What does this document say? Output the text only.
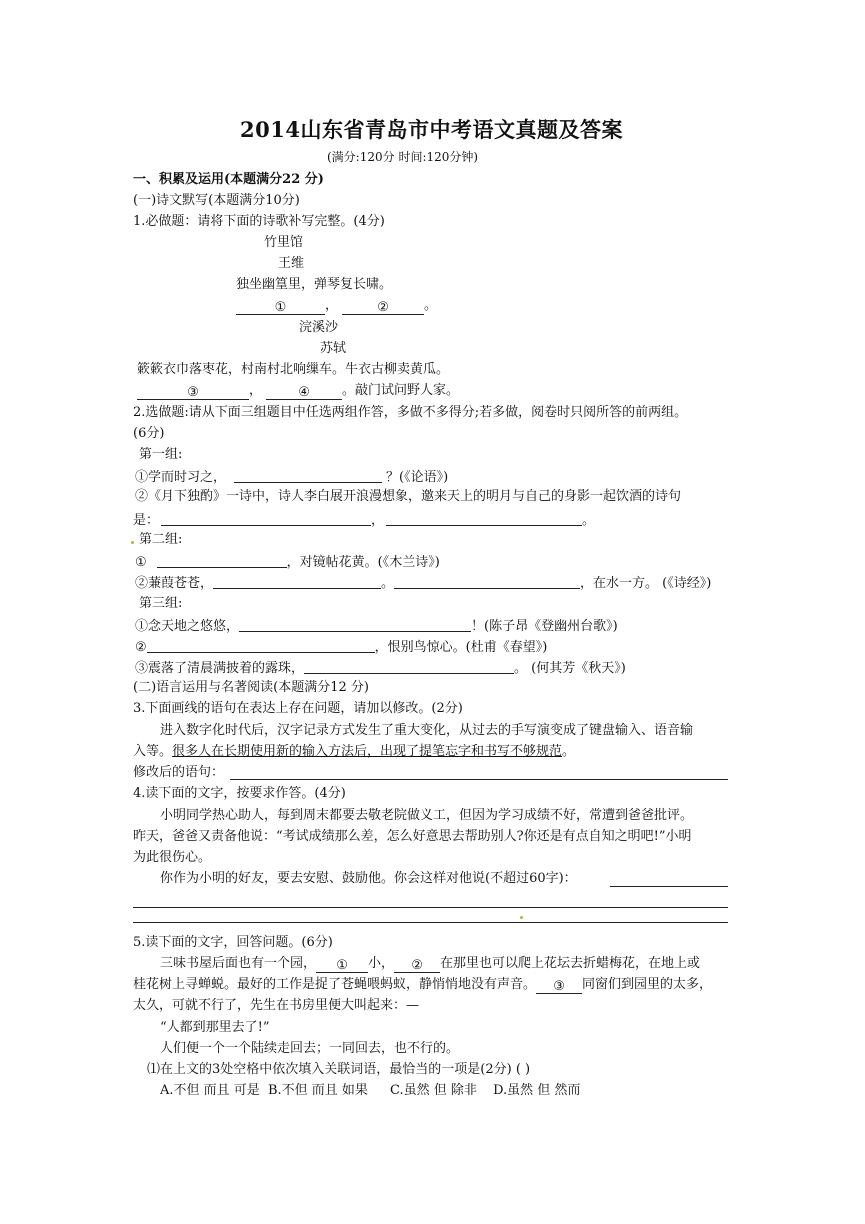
2014山东省青岛市中考语文真题及答案
(满分:120分 时间:120分钟)
一、积累及运用(本题满分22 分)
(一)诗文默写(本题满分10分)
1.必做题：请将下面的诗歌补写完整。(4分)
竹里馆
王维
独坐幽篁里，弹琴复长啸。
①	，	②	。
浣溪沙
苏轼
簌簌衣巾落枣花，村南村北响缫车。牛衣古柳卖黄瓜。
③	，	④ 。敲门试问野人家。
2.选做题:请从下面三组题目中任选两组作答，多做不多得分;若多做，阅卷时只阅所答的前两组。
(6分)
第一组:
①学而时习之，	？(《论语》)
②《月下独酌》一诗中，诗人李白展开浪漫想象，邀来天上的明月与自己的身影一起饮酒的诗句
是：	，	。
第二组:
①	，对镜帖花黄。(《木兰诗》)
②蒹葭苍苍，	。	，在水一方。 (《诗经》)
第三组:
①念天地之悠悠，	！(陈子昂《登幽州台歌》)
②	，恨别鸟惊心。(杜甫《春望》)
③震落了清晨满披着的露珠，	。 (何其芳《秋天》)
(二)语言运用与名著阅读(本题满分12 分)
3.下面画线的语句在表达上存在问题，请加以修改。(2分)
进入数字化时代后，汉字记录方式发生了重大变化，从过去的手写演变成了键盘输入、语音输
入等。很多人在长期使用新的输入方法后，出现了提笔忘字和书写不够规范。
修改后的语句：
4.读下面的文字，按要求作答。(4分)
小明同学热心助人，每到周末都要去敬老院做义工，但因为学习成绩不好，常遭到爸爸批评。
昨天，爸爸又责备他说：“考试成绩那么差，怎么好意思去帮助别人?你还是有点自知之明吧!”小明
为此很伤心。
你作为小明的好友，要去安慰、鼓励他。你会这样对他说(不超过60字)：
5.读下面的文字，回答问题。(6分)
三味书屋后面也有一个园， ① 小， ② 在那里也可以爬上花坛去折蜡梅花，在地上或
桂花树上寻蝉蜕。最好的工作是捉了苍蝇喂蚂蚁，静悄悄地没有声音。 ③ 同窗们到园里的太多，
太久，可就不行了，先生在书房里便大叫起来：—
“人都到那里去了!”
人们便一个一个陆续走回去；一同回去，也不行的。
⑴在上文的3处空格中依次填入关联词语，最恰当的一项是(2分) ( )
A.不但 而且 可是 B.不但 而且 如果 C.虽然 但 除非 D.虽然 但 然而
